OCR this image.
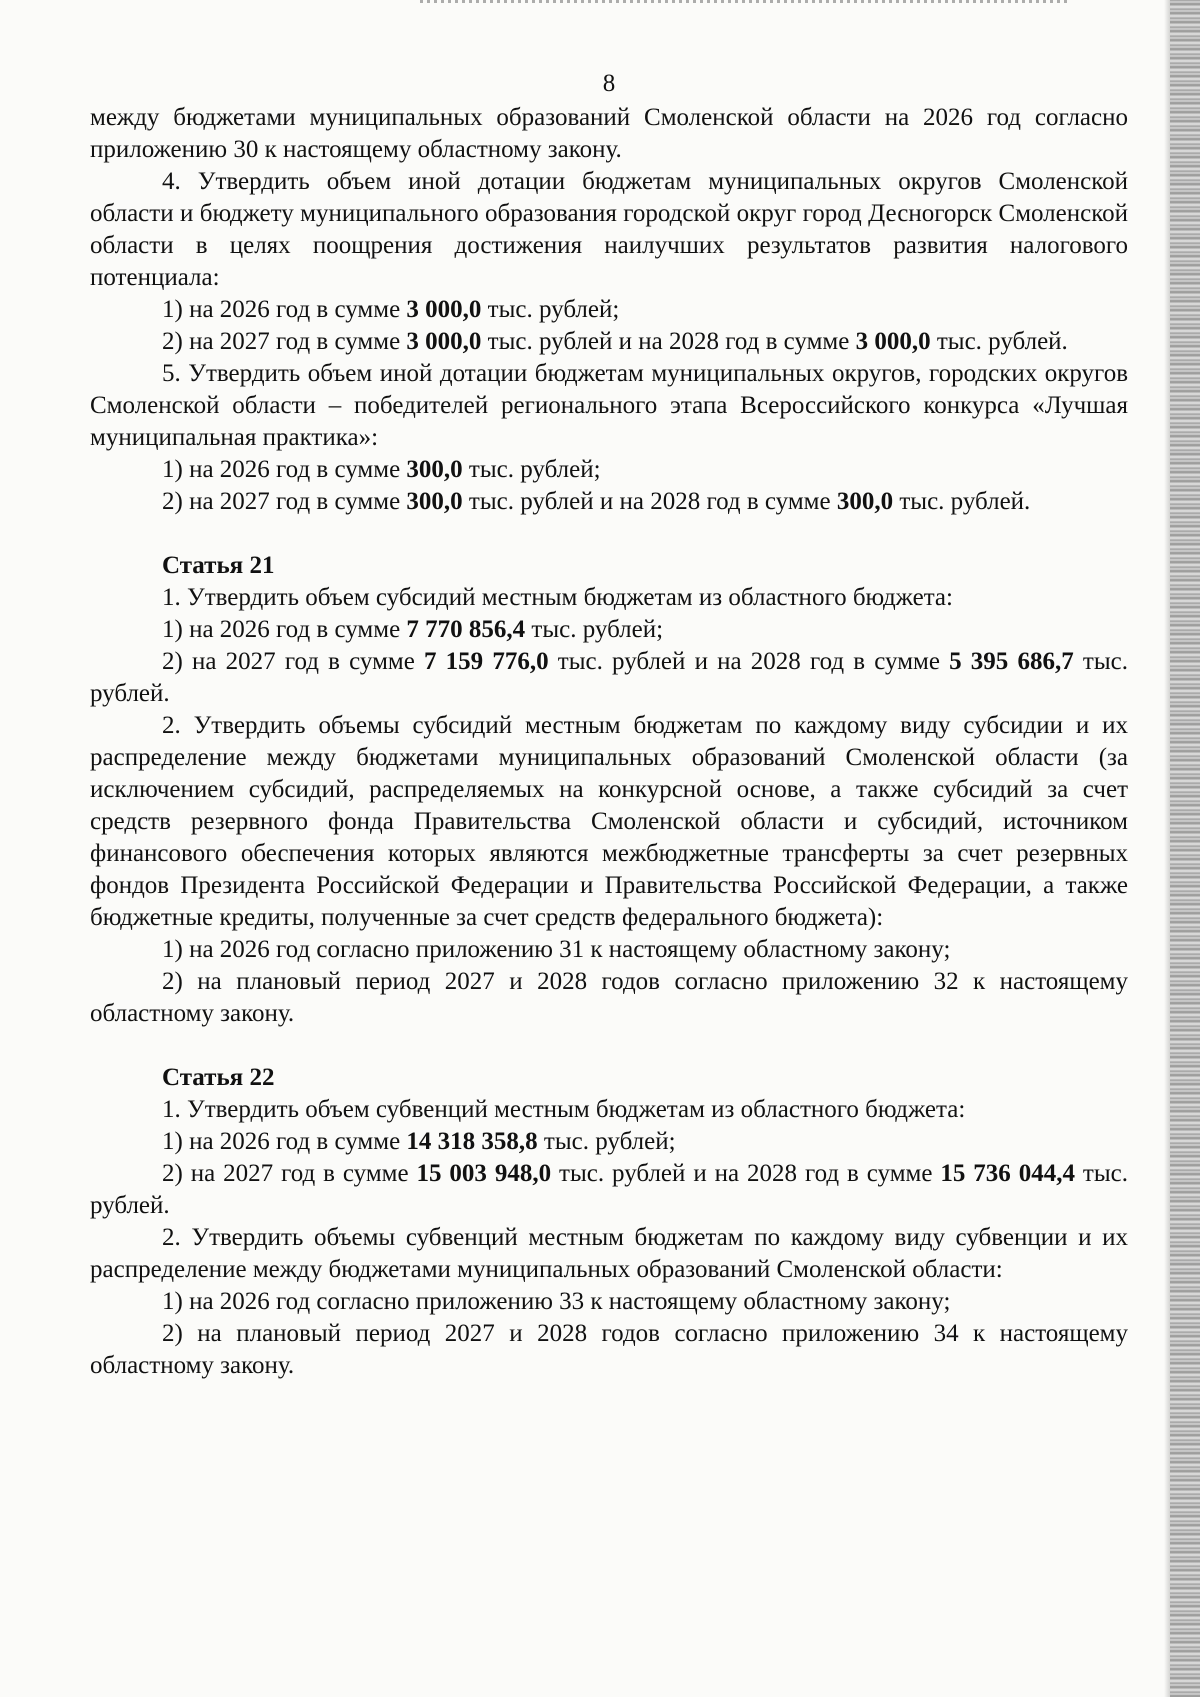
8

между бюджетами муниципальных образований Смоленской области на 2026 год согласно приложению 30 к настоящему областному закону.

4. Утвердить объем иной дотации бюджетам муниципальных округов Смоленской области и бюджету муниципального образования городской округ город Десногорск Смоленской области в целях поощрения достижения наилучших результатов развития налогового потенциала:

1) на 2026 год в сумме 3 000,0 тыс. рублей;

2) на 2027 год в сумме 3 000,0 тыс. рублей и на 2028 год в сумме 3 000,0 тыс. рублей.

5. Утвердить объем иной дотации бюджетам муниципальных округов, городских округов Смоленской области – победителей регионального этапа Всероссийского конкурса «Лучшая муниципальная практика»:

1) на 2026 год в сумме 300,0 тыс. рублей;

2) на 2027 год в сумме 300,0 тыс. рублей и на 2028 год в сумме 300,0 тыс. рублей.

Статья 21

1. Утвердить объем субсидий местным бюджетам из областного бюджета:

1) на 2026 год в сумме 7 770 856,4 тыс. рублей;

2) на 2027 год в сумме 7 159 776,0 тыс. рублей и на 2028 год в сумме 5 395 686,7 тыс. рублей.

2. Утвердить объемы субсидий местным бюджетам по каждому виду субсидии и их распределение между бюджетами муниципальных образований Смоленской области (за исключением субсидий, распределяемых на конкурсной основе, а также субсидий за счет средств резервного фонда Правительства Смоленской области и субсидий, источником финансового обеспечения которых являются межбюджетные трансферты за счет резервных фондов Президента Российской Федерации и Правительства Российской Федерации, а также бюджетные кредиты, полученные за счет средств федерального бюджета):

1) на 2026 год согласно приложению 31 к настоящему областному закону;

2) на плановый период 2027 и 2028 годов согласно приложению 32 к настоящему областному закону.

Статья 22

1. Утвердить объем субвенций местным бюджетам из областного бюджета:

1) на 2026 год в сумме 14 318 358,8 тыс. рублей;

2) на 2027 год в сумме 15 003 948,0 тыс. рублей и на 2028 год в сумме 15 736 044,4 тыс. рублей.

2. Утвердить объемы субвенций местным бюджетам по каждому виду субвенции и их распределение между бюджетами муниципальных образований Смоленской области:

1) на 2026 год согласно приложению 33 к настоящему областному закону;

2) на плановый период 2027 и 2028 годов согласно приложению 34 к настоящему областному закону.
